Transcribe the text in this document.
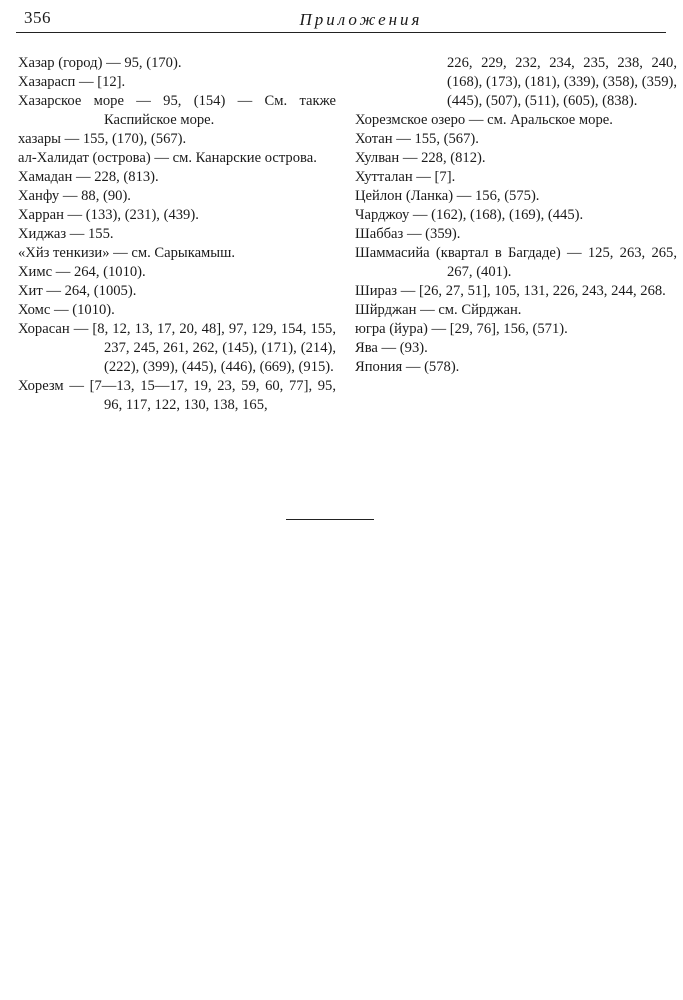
356	Приложения

Хазар (город) — 95, (170).

Хазарасп — [12].

Хазарское море — 95, (154) — См. также Каспийское море.

хазары — 155, (170), (567).

ал-Халидат (острова) — см. Канарские острова.

Хамадан — 228, (813).

Ханфу — 88, (90).

Харран — (133), (231), (439).

Хиджаз — 155.

«Хйз тенкизи» — см. Сарыкамыш.

Химс — 264, (1010).

Хит — 264, (1005).

Хомс — (1010).

Хорасан — [8, 12, 13, 17, 20, 48], 97, 129, 154, 155, 237, 245, 261, 262, (145), (171), (214), (222), (399), (445), (446), (669), (915).

Хорезм — [7—13, 15—17, 19, 23, 59, 60, 77], 95, 96, 117, 122, 130, 138, 165,

226, 229, 232, 234, 235, 238, 240, (168), (173), (181), (339), (358), (359), (445), (507), (511), (605), (838).

Хорезмское озеро — см. Аральское море.

Хотан — 155, (567).

Хулван — 228, (812).

Хутталан — [7].

Цейлон (Ланка) — 156, (575).

Чарджоу — (162), (168), (169), (445).

Шаббаз — (359).

Шаммасийа (квартал в Багдаде) — 125, 263, 265, 267, (401).

Шираз — [26, 27, 51], 105, 131, 226, 243, 244, 268.

Шйрджан — см. Сйрджан.

югра (йура) — [29, 76], 156, (571).

Ява — (93).

Япония — (578).
